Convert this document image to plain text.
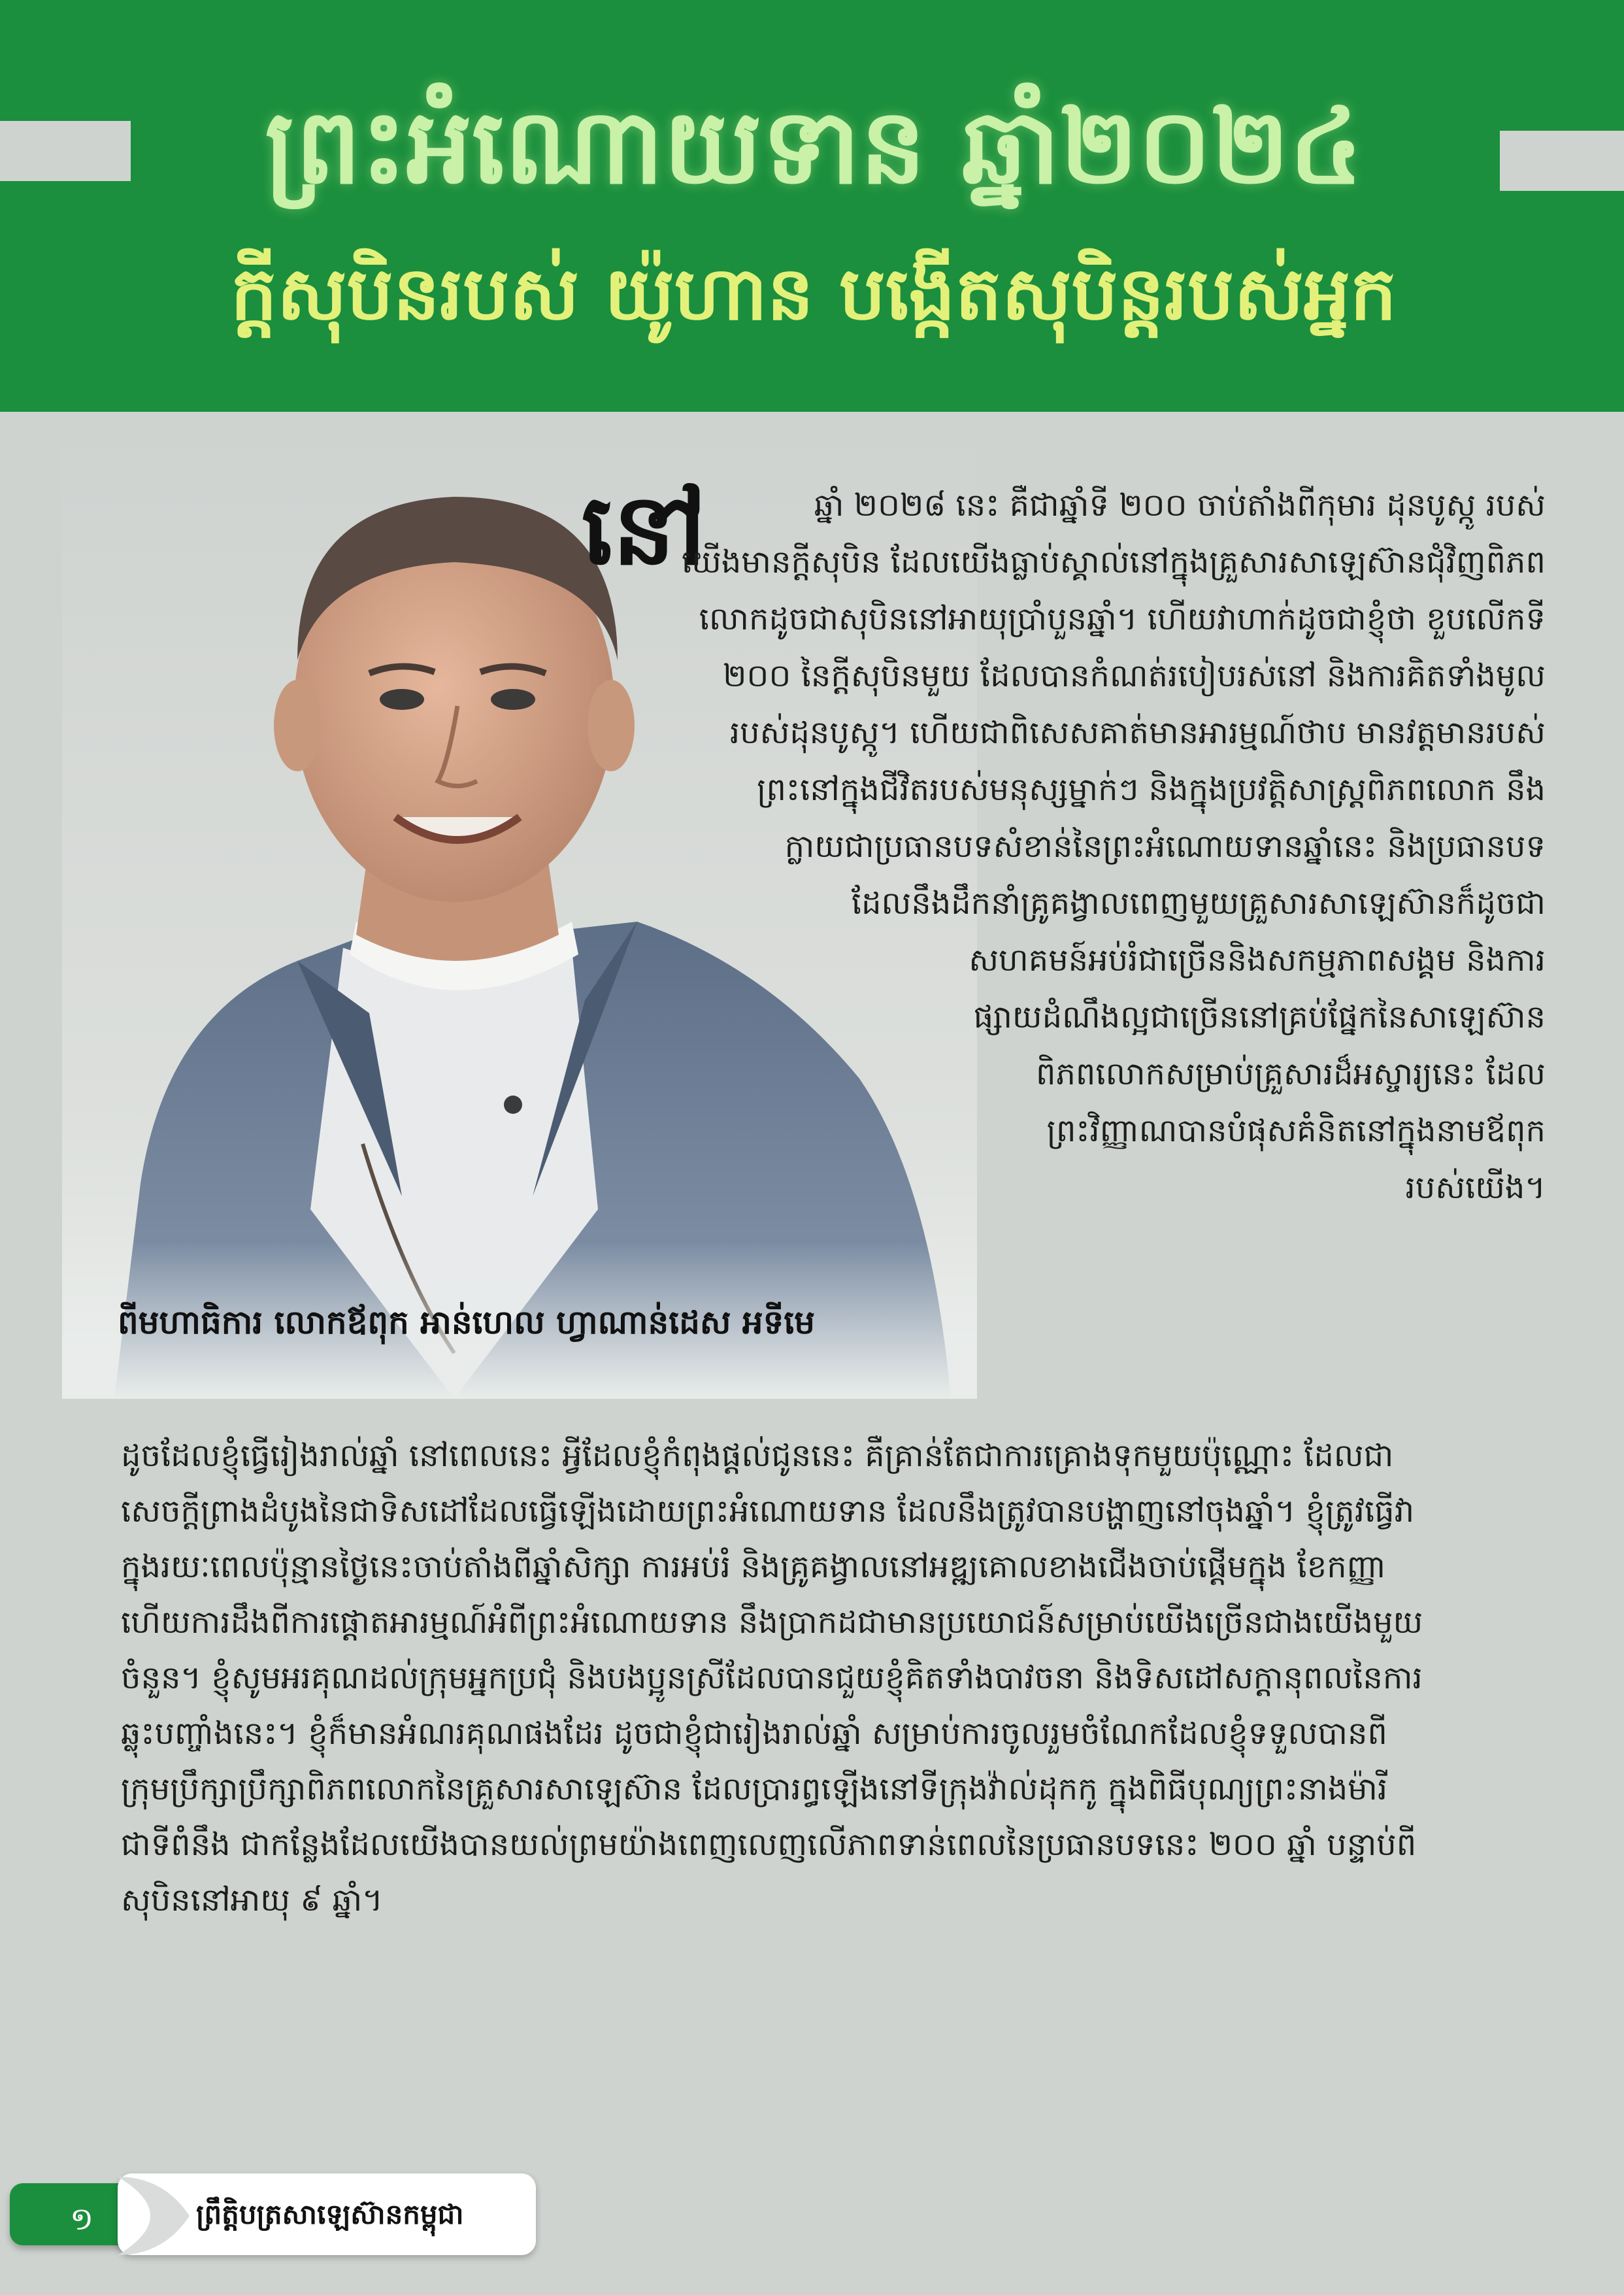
ព្រះអំណោយទាន ឆ្នាំ២០២៤
ក្តីសុបិនរបស់ យ៉ូហាន បង្កើតសុបិន្តរបស់អ្នក
ពីមហាធិការ លោកឪពុក អាន់ហេល ហ្វាណាន់ដេស អទីមេ
នៅ	ឆ្នាំ ២០២៨ នេះ គឺជាឆ្នាំទី ២០០ ចាប់តាំងពីកុមារ ដុនបូស្កូ របស់
យើងមានក្តីសុបិន ដែលយើងធ្លាប់ស្គាល់នៅក្នុងគ្រួសារសាឡេស៊ានជុំវិញពិភព
លោកដូចជាសុបិននៅអាយុប្រាំបួនឆ្នាំ។ ហើយវាហាក់ដូចជាខ្ញុំថា ខួបលើកទី
២០០ នៃក្តីសុបិនមួយ ដែលបានកំណត់របៀបរស់នៅ និងការគិតទាំងមូល
របស់ដុនបូស្កូ។ ហើយជាពិសេសគាត់មានអារម្មណ៍ថាប មានវត្តមានរបស់
ព្រះនៅក្នុងជីវិតរបស់មនុស្សម្នាក់ៗ និងក្នុងប្រវត្តិសាស្ត្រពិភពលោក នឹង
ក្លាយជាប្រធានបទសំខាន់នៃព្រះអំណោយទានឆ្នាំនេះ និងប្រធានបទ
ដែលនឹងដឹកនាំគ្រូគង្វាលពេញមួយគ្រួសារសាឡេស៊ានក៏ដូចជា
សហគមន៍អប់រំជាច្រើននិងសកម្មភាពសង្គម និងការ
ផ្សាយដំណឹងល្អជាច្រើននៅគ្រប់ផ្នែកនៃសាឡេស៊ាន
ពិភពលោកសម្រាប់គ្រួសារដ៏អស្ចារ្យនេះ ដែល
ព្រះវិញ្ញាណបានបំផុសគំនិតនៅក្នុងនាមឪពុក
របស់យើង។
ដូចដែលខ្ញុំធ្វើរៀងរាល់ឆ្នាំ នៅពេលនេះ អ្វីដែលខ្ញុំកំពុងផ្តល់ជូននេះ គឺគ្រាន់តែជាការគ្រោងទុកមួយប៉ុណ្ណោះ ដែលជា
សេចក្តីព្រាងដំបូងនៃជាទិសដៅដែលធ្វើឡើងដោយព្រះអំណោយទាន ដែលនឹងត្រូវបានបង្ហាញនៅចុងឆ្នាំ។ ខ្ញុំត្រូវធ្វើវា
ក្នុងរយៈពេលប៉ុន្មានថ្ងៃនេះចាប់តាំងពីឆ្នាំសិក្សា ការអប់រំ និងគ្រូគង្វាលនៅអឌ្ឍគោលខាងជើងចាប់ផ្តើមក្នុង ខែកញ្ញា
ហើយការដឹងពីការផ្តោតអារម្មណ៍អំពីព្រះអំណោយទាន នឹងប្រាកដជាមានប្រយោជន៍សម្រាប់យើងច្រើនជាងយើងមួយ
ចំនួន។ ខ្ញុំសូមអរគុណដល់ក្រុមអ្នកប្រជុំ និងបងប្អូនស្រីដែលបានជួយខ្ញុំគិតទាំងបាវចនា និងទិសដៅសក្តានុពលនៃការ
ឆ្លុះបញ្ចាំងនេះ។ ខ្ញុំក៏មានអំណរគុណផងដែរ ដូចជាខ្ញុំជារៀងរាល់ឆ្នាំ សម្រាប់ការចូលរួមចំណែកដែលខ្ញុំទទួលបានពី
ក្រុមប្រឹក្សាប្រឹក្សាពិភពលោកនៃគ្រួសារសាឡេស៊ាន ដែលប្រារព្ធឡើងនៅទីក្រុងវ៉ាល់ដុកកូ ក្នុងពិធីបុណ្យព្រះនាងម៉ារី
ជាទីពំនឹង ជាកន្លែងដែលយើងបានយល់ព្រមយ៉ាងពេញលេញលើភាពទាន់ពេលនៃប្រធានបទនេះ ២០០ ឆ្នាំ បន្ទាប់ពី
សុបិននៅអាយុ ៩ ឆ្នាំ។
១	ព្រឹត្តិបត្រសាឡេស៊ានកម្ពុជា
